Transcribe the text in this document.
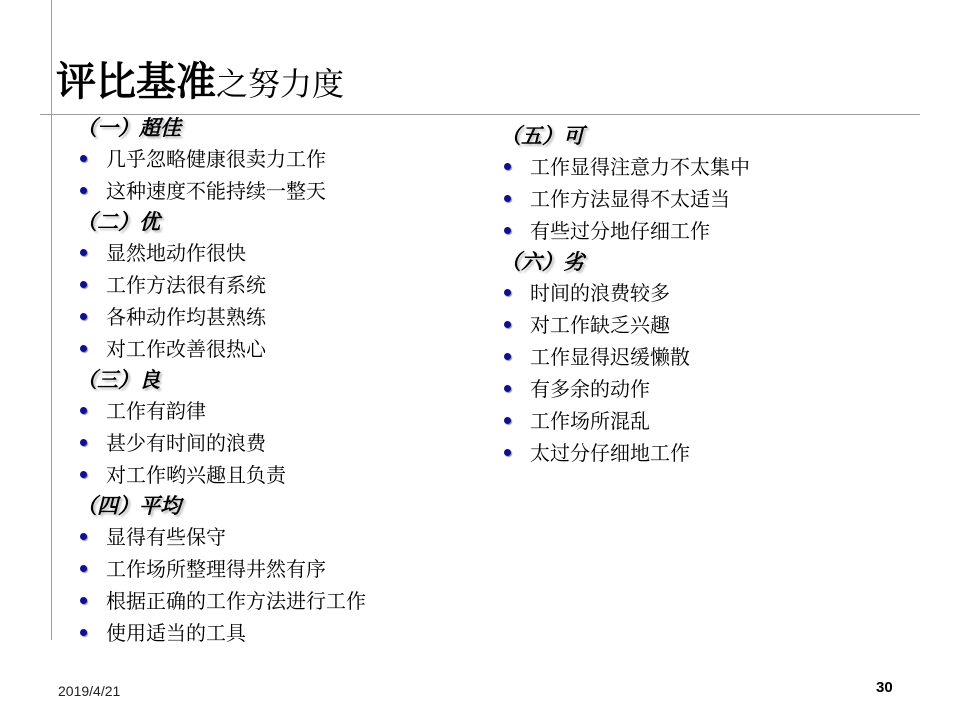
评比基准之努力度
（一）超佳
几乎忽略健康很卖力工作
这种速度不能持续一整天
（二）优
显然地动作很快
工作方法很有系统
各种动作均甚熟练
对工作改善很热心
（三）良
工作有韵律
甚少有时间的浪费
对工作哟兴趣且负责
（四）平均
显得有些保守
工作场所整理得井然有序
根据正确的工作方法进行工作
使用适当的工具
（五）可
工作显得注意力不太集中
工作方法显得不太适当
有些过分地仔细工作
（六）劣
时间的浪费较多
对工作缺乏兴趣
工作显得迟缓懒散
有多余的动作
工作场所混乱
太过分仔细地工作
2019/4/21	30
